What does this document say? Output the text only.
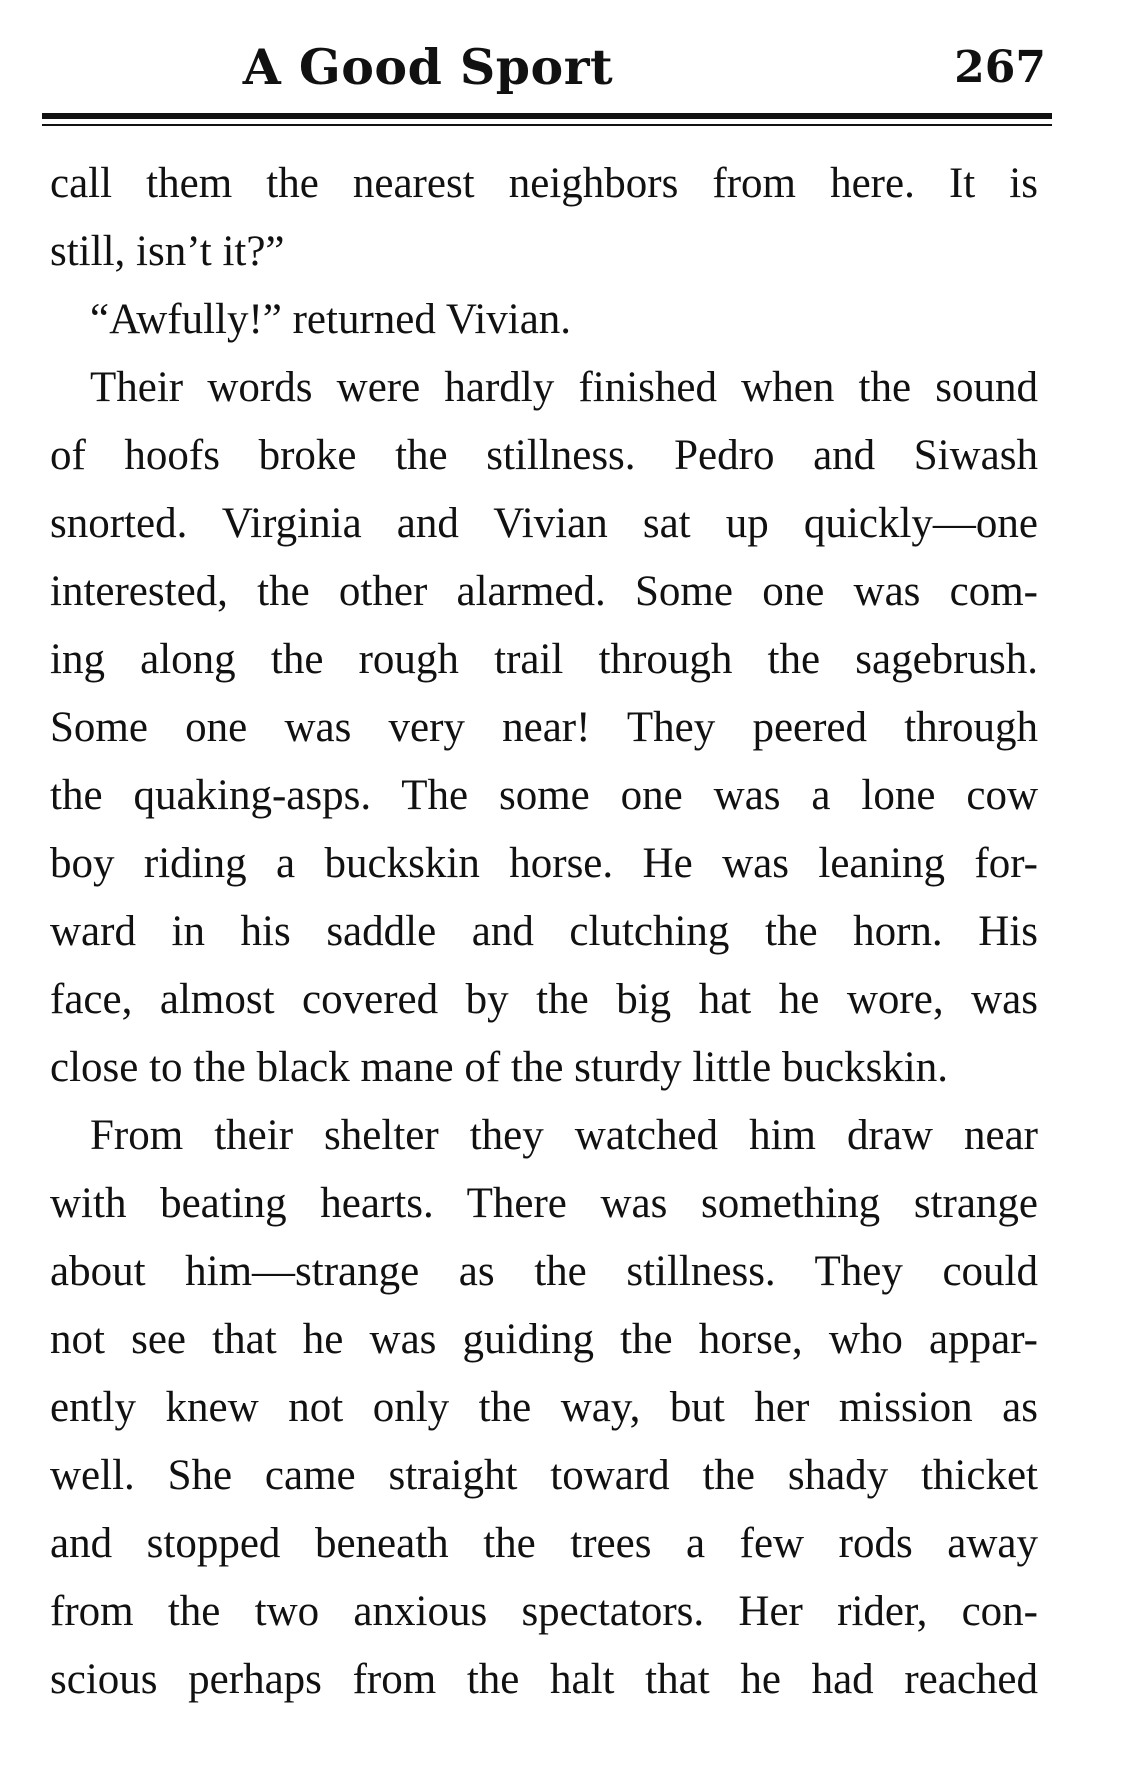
A Good Sport	267
call them the nearest neighbors from here. It is
still, isn’t it?”
“Awfully!” returned Vivian.
Their words were hardly finished when the sound
of hoofs broke the stillness. Pedro and Siwash
snorted. Virginia and Vivian sat up quickly—one
interested, the other alarmed. Some one was com-
ing along the rough trail through the sagebrush.
Some one was very near! They peered through
the quaking-asps. The some one was a lone cow
boy riding a buckskin horse. He was leaning for-
ward in his saddle and clutching the horn. His
face, almost covered by the big hat he wore, was
close to the black mane of the sturdy little buckskin.
From their shelter they watched him draw near
with beating hearts. There was something strange
about him—strange as the stillness. They could
not see that he was guiding the horse, who appar-
ently knew not only the way, but her mission as
well. She came straight toward the shady thicket
and stopped beneath the trees a few rods away
from the two anxious spectators. Her rider, con-
scious perhaps from the halt that he had reached
